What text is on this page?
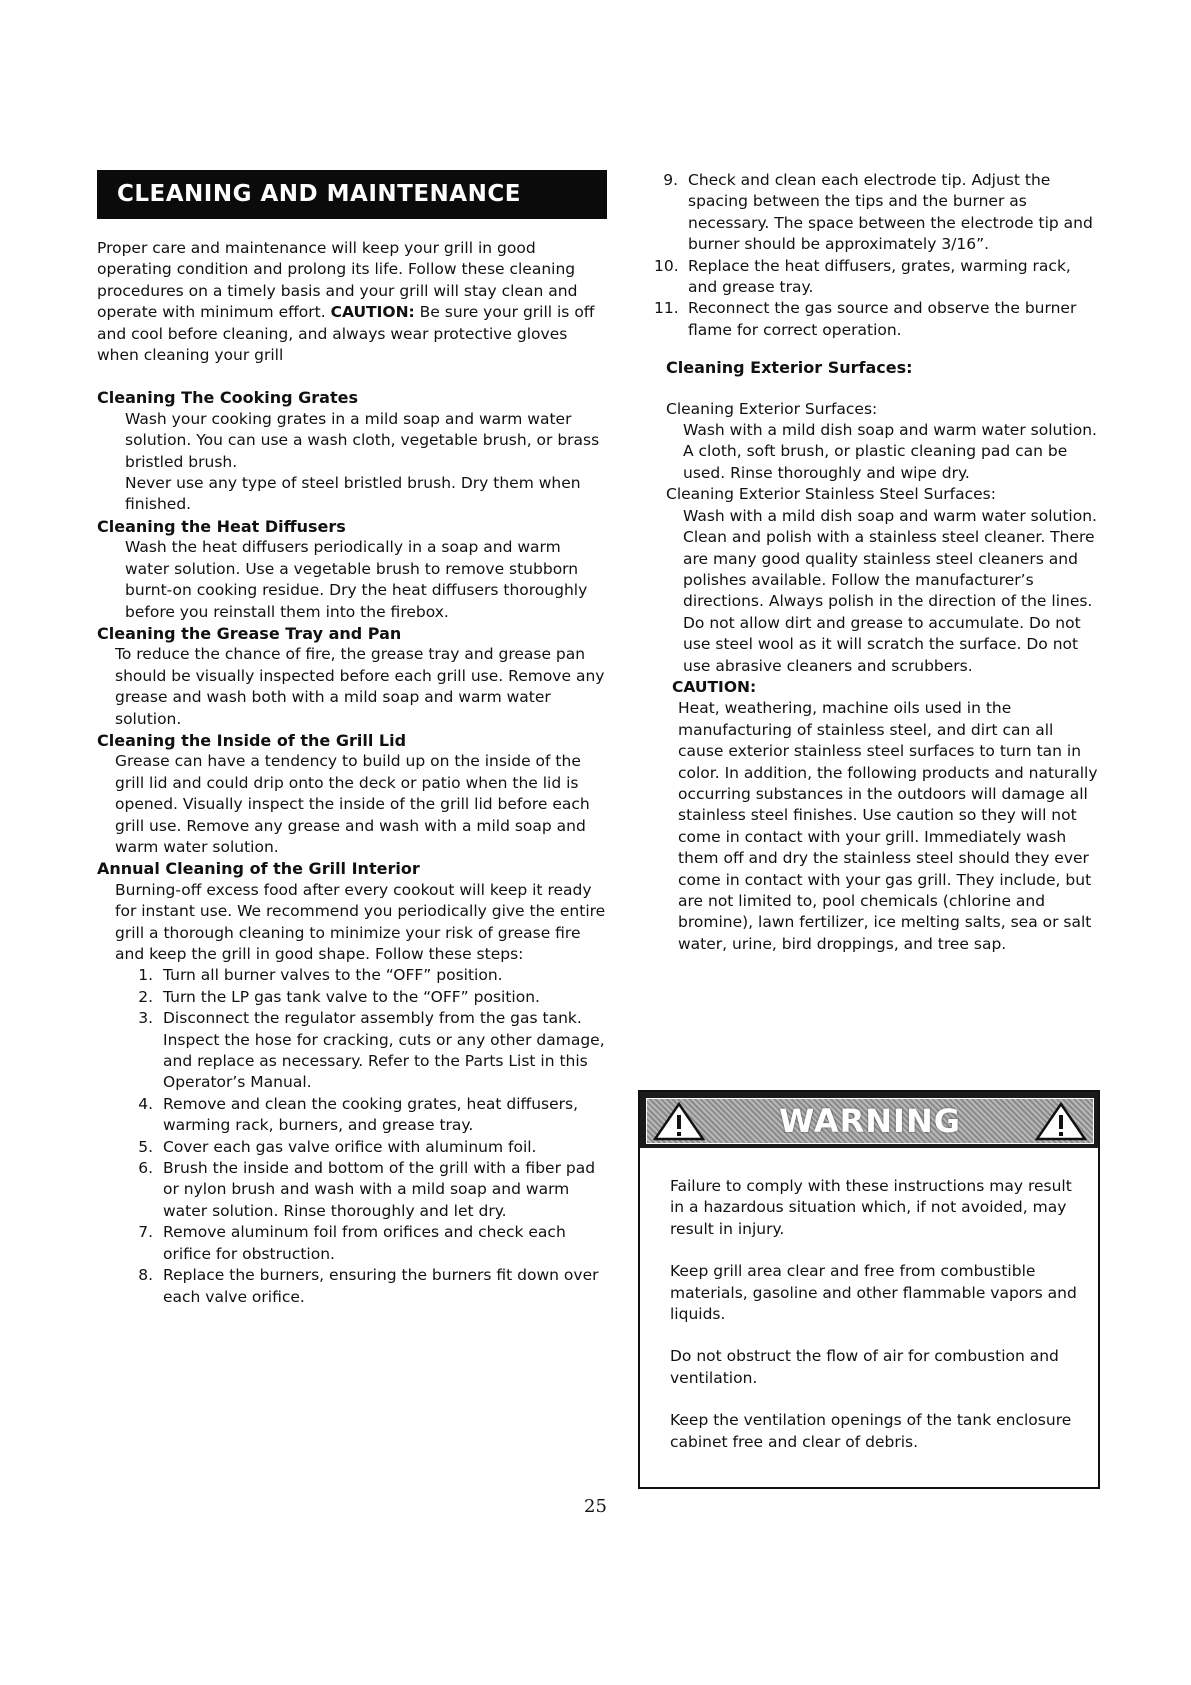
CLEANING AND MAINTENANCE

Proper care and maintenance will keep your grill in good operating condition and prolong its life. Follow these cleaning procedures on a timely basis and your grill will stay clean and operate with minimum effort. CAUTION: Be sure your grill is off and cool before cleaning, and always wear protective gloves when cleaning your grill

Cleaning The Cooking Grates

Wash your cooking grates in a mild soap and warm water solution. You can use a wash cloth, vegetable brush, or brass bristled brush.

Never use any type of steel bristled brush. Dry them when finished.

Cleaning the Heat Diffusers

Wash the heat diffusers periodically in a soap and warm water solution. Use a vegetable brush to remove stubborn burnt-on cooking residue. Dry the heat diffusers thoroughly before you reinstall them into the firebox.

Cleaning the Grease Tray and Pan

To reduce the chance of fire, the grease tray and grease pan should be visually inspected before each grill use. Remove any grease and wash both with a mild soap and warm water solution.

Cleaning the Inside of the Grill Lid

Grease can have a tendency to build up on the inside of the grill lid and could drip onto the deck or patio when the lid is opened. Visually inspect the inside of the grill lid before each grill use. Remove any grease and wash with a mild soap and warm water solution.

Annual Cleaning of the Grill Interior

Burning-off excess food after every cookout will keep it ready for instant use. We recommend you periodically give the entire grill a thorough cleaning to minimize your risk of grease fire and keep the grill in good shape. Follow these steps:

1. Turn all burner valves to the “OFF” position.
2. Turn the LP gas tank valve to the “OFF” position.
3. Disconnect the regulator assembly from the gas tank. Inspect the hose for cracking, cuts or any other damage, and replace as necessary. Refer to the Parts List in this Operator’s Manual.
4. Remove and clean the cooking grates, heat diffusers, warming rack, burners, and grease tray.
5. Cover each gas valve orifice with aluminum foil.
6. Brush the inside and bottom of the grill with a fiber pad or nylon brush and wash with a mild soap and warm water solution. Rinse thoroughly and let dry.
7. Remove aluminum foil from orifices and check each orifice for obstruction.
8. Replace the burners, ensuring the burners fit down over each valve orifice.
9. Check and clean each electrode tip. Adjust the spacing between the tips and the burner as necessary. The space between the electrode tip and burner should be approximately 3/16”.
10. Replace the heat diffusers, grates, warming rack, and grease tray.
11. Reconnect the gas source and observe the burner flame for correct operation.

Cleaning Exterior Surfaces:

Cleaning Exterior Surfaces:

Wash with a mild dish soap and warm water solution. A cloth, soft brush, or plastic cleaning pad can be used. Rinse thoroughly and wipe dry.

Cleaning Exterior Stainless Steel Surfaces:

Wash with a mild dish soap and warm water solution. Clean and polish with a stainless steel cleaner. There are many good quality stainless steel cleaners and polishes available. Follow the manufacturer’s directions. Always polish in the direction of the lines. Do not allow dirt and grease to accumulate. Do not use steel wool as it will scratch the surface. Do not use abrasive cleaners and scrubbers.

CAUTION:

Heat, weathering, machine oils used in the manufacturing of stainless steel, and dirt can all cause exterior stainless steel surfaces to turn tan in color. In addition, the following products and naturally occurring substances in the outdoors will damage all stainless steel finishes. Use caution so they will not come in contact with your grill. Immediately wash them off and dry the stainless steel should they ever come in contact with your gas grill. They include, but are not limited to, pool chemicals (chlorine and bromine), lawn fertilizer, ice melting salts, sea or salt water, urine, bird droppings, and tree sap.

WARNING

Failure to comply with these instructions may result in a hazardous situation which, if not avoided, may result in injury.

Keep grill area clear and free from combustible materials, gasoline and other flammable vapors and liquids.

Do not obstruct the flow of air for combustion and ventilation.

Keep the ventilation openings of the tank enclosure cabinet free and clear of debris.

25
